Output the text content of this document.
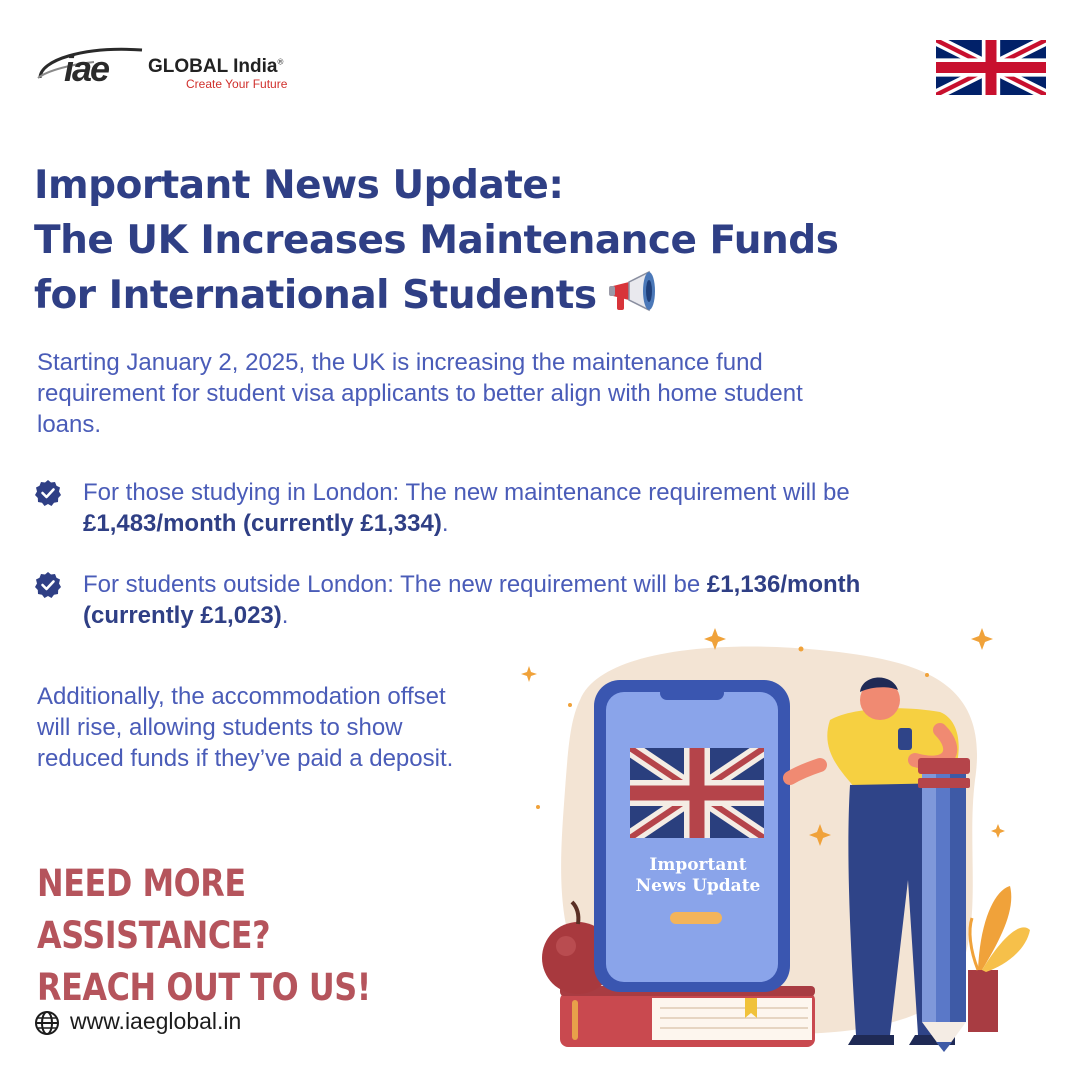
iae GLOBAL India®
Create Your Future
Important News Update:
The UK Increases Maintenance Funds
for International Students

Starting January 2, 2025, the UK is increasing the maintenance fund requirement for student visa applicants to better align with home student loans.

For those studying in London: The new maintenance requirement will be £1,483/month (currently £1,334).
For students outside London: The new requirement will be £1,136/month (currently £1,023).

Additionally, the accommodation offset will rise, allowing students to show reduced funds if they’ve paid a deposit.

NEED MORE ASSISTANCE?
REACH OUT TO US!
www.iaeglobal.in
Important
News Update
